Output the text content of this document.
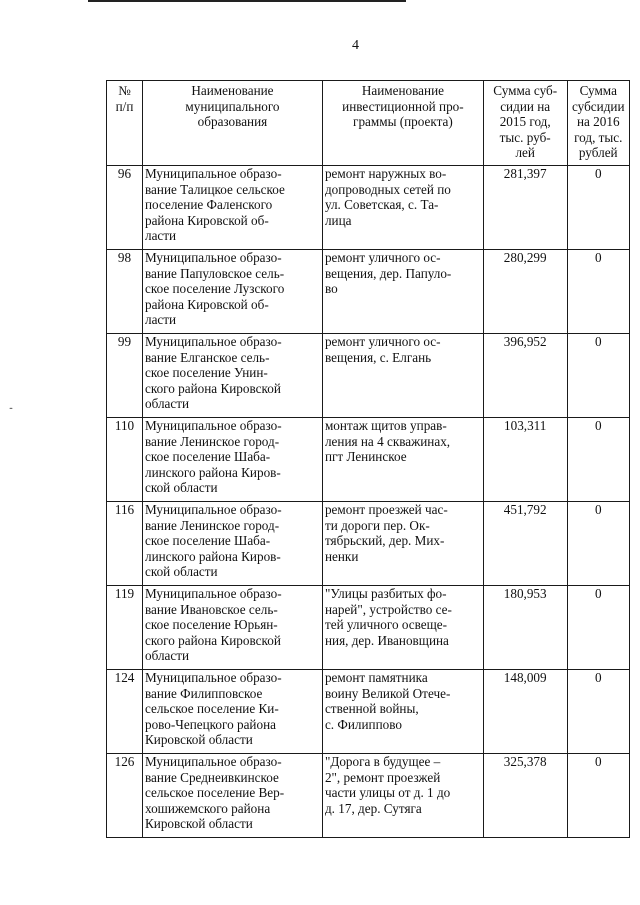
..
4
№
п/п	Наименование
муниципального
образования	Наименование
инвестиционной про-
граммы (проекта)	Сумма суб-
сидии на
2015 год,
тыс. руб-
лей	Сумма
субсидии
на 2016
год, тыс.
рублей

96	Муниципальное образо-
вание Талицкое сельское
поселение Фаленского
района Кировской об-
ласти	ремонт наружных во-
допроводных сетей по
ул. Советская, с. Та-
лица	281,397	0
98	Муниципальное образо-
вание Папуловское сель-
ское поселение Лузского
района Кировской об-
ласти	ремонт уличного ос-
вещения, дер. Папуло-
во	280,299	0
99	Муниципальное образо-
вание Елганское сель-
ское поселение Унин-
ского района Кировской
области	ремонт уличного ос-
вещения, с. Елгань	396,952	0
110	Муниципальное образо-
вание Ленинское город-
ское поселение Шаба-
линского района Киров-
ской области	монтаж щитов управ-
ления на 4 скважинах,
пгт Ленинское	103,311	0
116	Муниципальное образо-
вание Ленинское город-
ское поселение Шаба-
линского района Киров-
ской области	ремонт проезжей час-
ти дороги пер. Ок-
тябрьский, дер. Мих-
ненки	451,792	0
119	Муниципальное образо-
вание Ивановское сель-
ское поселение Юрьян-
ского района Кировской
области	"Улицы разбитых фо-
нарей", устройство се-
тей уличного освеще-
ния, дер. Ивановщина	180,953	0
124	Муниципальное образо-
вание Филипповское
сельское поселение Ки-
рово-Чепецкого района
Кировской области	ремонт памятника
воину Великой Отече-
ственной войны,
с. Филиппово	148,009	0
126	Муниципальное образо-
вание Среднеивкинское
сельское поселение Вер-
хошижемского района
Кировской области	"Дорога в будущее –
2", ремонт проезжей
части улицы от д. 1 до
д. 17, дер. Сутяга	325,378	0
